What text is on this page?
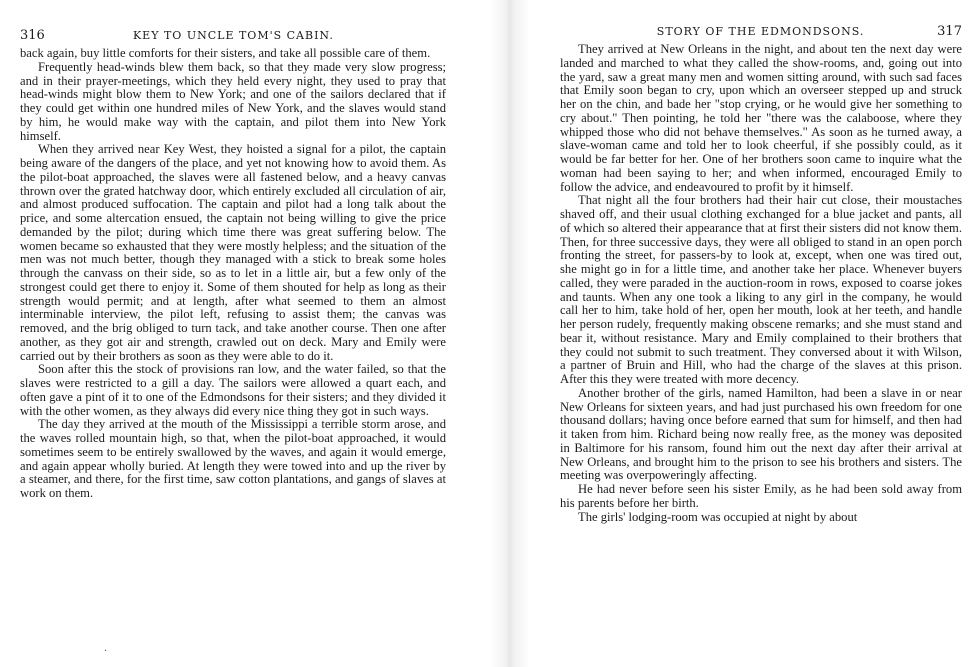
316	KEY TO UNCLE TOM'S CABIN.

back again, buy little comforts for their sisters, and take all possible care of them.

Frequently head-winds blew them back, so that they made very slow progress; and in their prayer-meetings, which they held every night, they used to pray that head-winds might blow them to New York; and one of the sailors declared that if they could get within one hundred miles of New York, and the slaves would stand by him, he would make way with the captain, and pilot them into New York himself.

When they arrived near Key West, they hoisted a signal for a pilot, the captain being aware of the dangers of the place, and yet not knowing how to avoid them. As the pilot-boat approached, the slaves were all fastened below, and a heavy canvas thrown over the grated hatchway door, which entirely excluded all circulation of air, and almost produced suffocation. The captain and pilot had a long talk about the price, and some altercation ensued, the captain not being willing to give the price demanded by the pilot; during which time there was great suffering below. The women became so exhausted that they were mostly helpless; and the situation of the men was not much better, though they managed with a stick to break some holes through the canvass on their side, so as to let in a little air, but a few only of the strongest could get there to enjoy it. Some of them shouted for help as long as their strength would permit; and at length, after what seemed to them an almost interminable interview, the pilot left, refusing to assist them; the canvas was removed, and the brig obliged to turn tack, and take another course. Then one after another, as they got air and strength, crawled out on deck. Mary and Emily were carried out by their brothers as soon as they were able to do it.

Soon after this the stock of provisions ran low, and the water failed, so that the slaves were restricted to a gill a day. The sailors were allowed a quart each, and often gave a pint of it to one of the Edmondsons for their sisters; and they divided it with the other women, as they always did every nice thing they got in such ways.

The day they arrived at the mouth of the Mississippi a terrible storm arose, and the waves rolled mountain high, so that, when the pilot-boat approached, it would sometimes seem to be entirely swallowed by the waves, and again it would emerge, and again appear wholly buried. At length they were towed into and up the river by a steamer, and there, for the first time, saw cotton plantations, and gangs of slaves at work on them.

·
STORY OF THE EDMONDSONS.	317

They arrived at New Orleans in the night, and about ten the next day were landed and marched to what they called the show-rooms, and, going out into the yard, saw a great many men and women sitting around, with such sad faces that Emily soon began to cry, upon which an overseer stepped up and struck her on the chin, and bade her "stop crying, or he would give her something to cry about." Then pointing, he told her "there was the calaboose, where they whipped those who did not behave themselves." As soon as he turned away, a slave-woman came and told her to look cheerful, if she possibly could, as it would be far better for her. One of her brothers soon came to inquire what the woman had been saying to her; and when informed, encouraged Emily to follow the advice, and endeavoured to profit by it himself.

That night all the four brothers had their hair cut close, their moustaches shaved off, and their usual clothing exchanged for a blue jacket and pants, all of which so altered their appearance that at first their sisters did not know them. Then, for three successive days, they were all obliged to stand in an open porch fronting the street, for passers-by to look at, except, when one was tired out, she might go in for a little time, and another take her place. Whenever buyers called, they were paraded in the auction-room in rows, exposed to coarse jokes and taunts. When any one took a liking to any girl in the company, he would call her to him, take hold of her, open her mouth, look at her teeth, and handle her person rudely, frequently making obscene remarks; and she must stand and bear it, without resistance. Mary and Emily complained to their brothers that they could not submit to such treatment. They conversed about it with Wilson, a partner of Bruin and Hill, who had the charge of the slaves at this prison. After this they were treated with more decency.

Another brother of the girls, named Hamilton, had been a slave in or near New Orleans for sixteen years, and had just purchased his own freedom for one thousand dollars; having once before earned that sum for himself, and then had it taken from him. Richard being now really free, as the money was deposited in Baltimore for his ransom, found him out the next day after their arrival at New Orleans, and brought him to the prison to see his brothers and sisters. The meeting was overpoweringly affecting.

He had never before seen his sister Emily, as he had been sold away from his parents before her birth.

The girls' lodging-room was occupied at night by about
